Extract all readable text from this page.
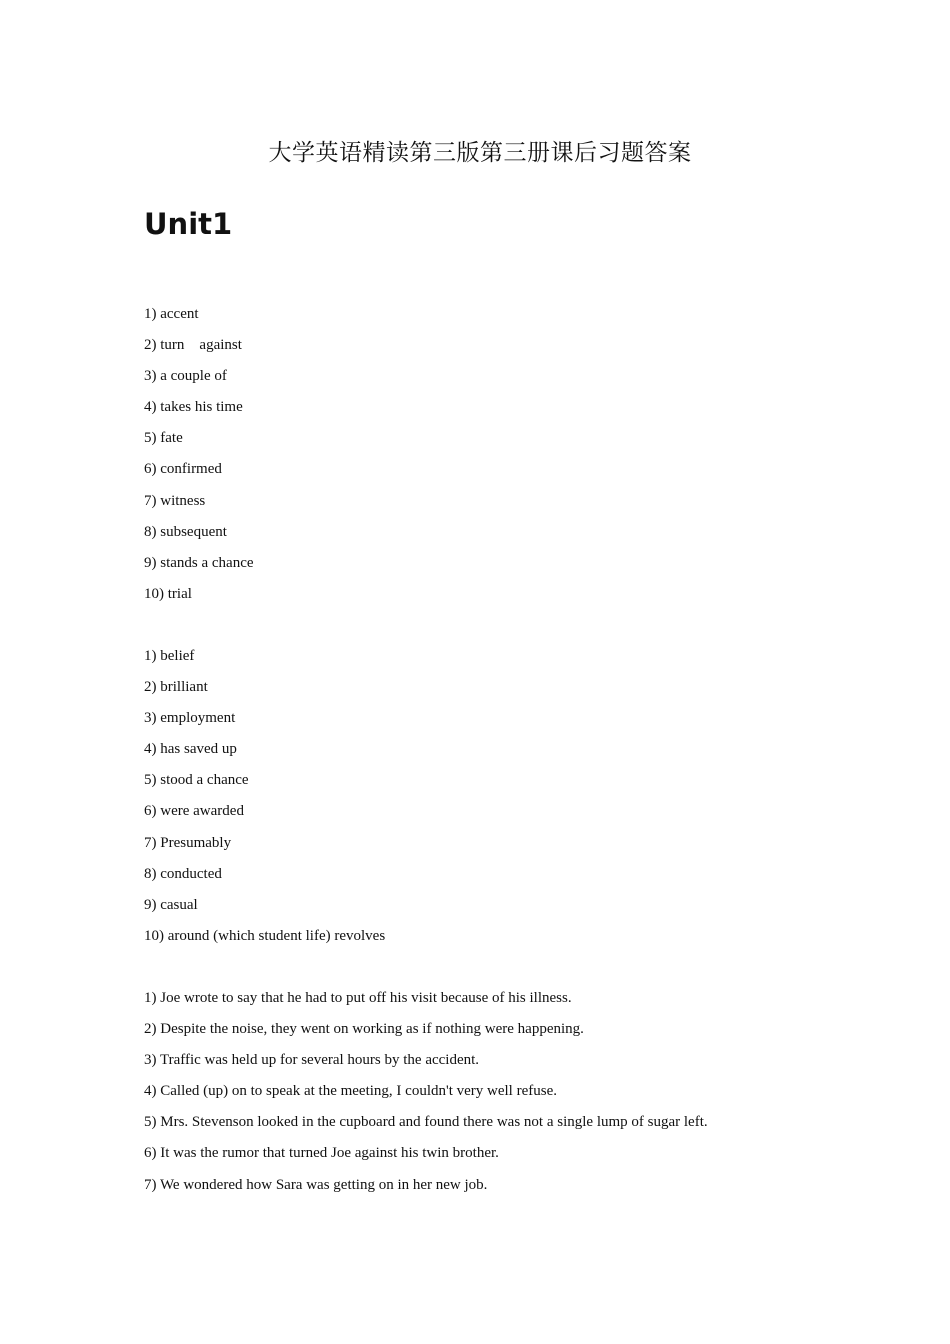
大学英语精读第三版第三册课后习题答案
Unit1
1) accent
2) turn    against
3) a couple of
4) takes his time
5) fate
6) confirmed
7) witness
8) subsequent
9) stands a chance
10) trial
1) belief
2) brilliant
3) employment
4) has saved up
5) stood a chance
6) were awarded
7) Presumably
8) conducted
9) casual
10) around (which student life) revolves
1) Joe wrote to say that he had to put off his visit because of his illness.
2) Despite the noise, they went on working as if nothing were happening.
3) Traffic was held up for several hours by the accident.
4) Called (up) on to speak at the meeting, I couldn't very well refuse.
5) Mrs. Stevenson looked in the cupboard and found there was not a single lump of sugar left.
6) It was the rumor that turned Joe against his twin brother.
7) We wondered how Sara was getting on in her new job.
